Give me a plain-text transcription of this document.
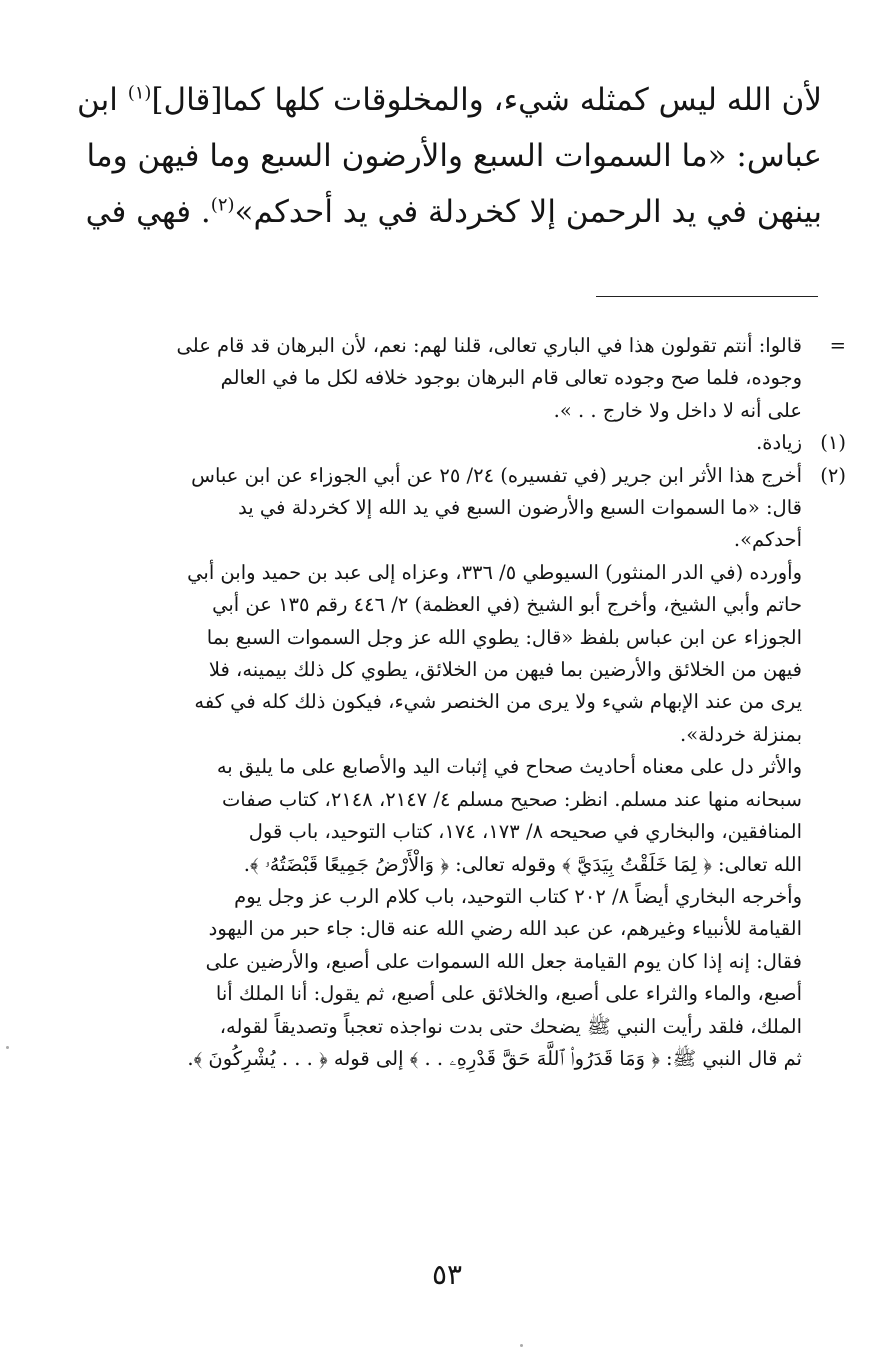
لأن الله ليس كمثله شيء، والمخلوقات كلها كما[قال]$^{(١)}$ ابن
عباس: «ما السموات السبع والأرضون السبع وما فيهن وما
بينهن في يد الرحمن إلا كخردلة في يد أحدكم»$^{(٢)}$. فهي في
=
قالوا: أنتم تقولون هذا في الباري تعالى، قلنا لهم: نعم، لأن البرهان قد قام على
وجوده، فلما صح وجوده تعالى قام البرهان بوجود خلافه لكل ما في العالم
على أنه لا داخل ولا خارج . . ».
(١)
زيادة.
(٢)
أخرج هذا الأثر ابن جرير (في تفسيره) ٢٤/ ٢٥ عن أبي الجوزاء عن ابن عباس
قال: «ما السموات السبع والأرضون السبع في يد الله إلا كخردلة في يد
أحدكم».
وأورده (في الدر المنثور) السيوطي ٥/ ٣٣٦، وعزاه إلى عبد بن حميد وابن أبي
حاتم وأبي الشيخ، وأخرج أبو الشيخ (في العظمة) ٢/ ٤٤٦ رقم ١٣٥ عن أبي
الجوزاء عن ابن عباس بلفظ «قال: يطوي الله عز وجل السموات السبع بما
فيهن من الخلائق والأرضين بما فيهن من الخلائق، يطوي كل ذلك بيمينه، فلا
يرى من عند الإبهام شيء ولا يرى من الخنصر شيء، فيكون ذلك كله في كفه
بمنزلة خردلة».
والأثر دل على معناه أحاديث صحاح في إثبات اليد والأصابع على ما يليق به
سبحانه منها عند مسلم. انظر: صحيح مسلم ٤/ ٢١٤٧، ٢١٤٨، كتاب صفات
المنافقين، والبخاري في صحيحه ٨/ ١٧٣، ١٧٤، كتاب التوحيد، باب قول
الله تعالى: ﴿ لِمَا خَلَقْتُ بِيَدَيَّ ﴾ وقوله تعالى: ﴿ وَالْأَرْضُ جَمِيعًا قَبْضَتُهُۥ ﴾.
وأخرجه البخاري أيضاً ٨/ ٢٠٢ كتاب التوحيد، باب كلام الرب عز وجل يوم
القيامة للأنبياء وغيرهم، عن عبد الله رضي الله عنه قال: جاء حبر من اليهود
فقال: إنه إذا كان يوم القيامة جعل الله السموات على أصبع، والأرضين على
أصبع، والماء والثراء على أصبع، والخلائق على أصبع، ثم يقول: أنا الملك أنا
الملك، فلقد رأيت النبي ﷺ يضحك حتى بدت نواجذه تعجباً وتصديقاً لقوله،
ثم قال النبي ﷺ: ﴿ وَمَا قَدَرُوا۟ ٱللَّهَ حَقَّ قَدْرِهِۦ . . ﴾ إلى قوله ﴿ . . . يُشْرِكُونَ ﴾.
٥٣
